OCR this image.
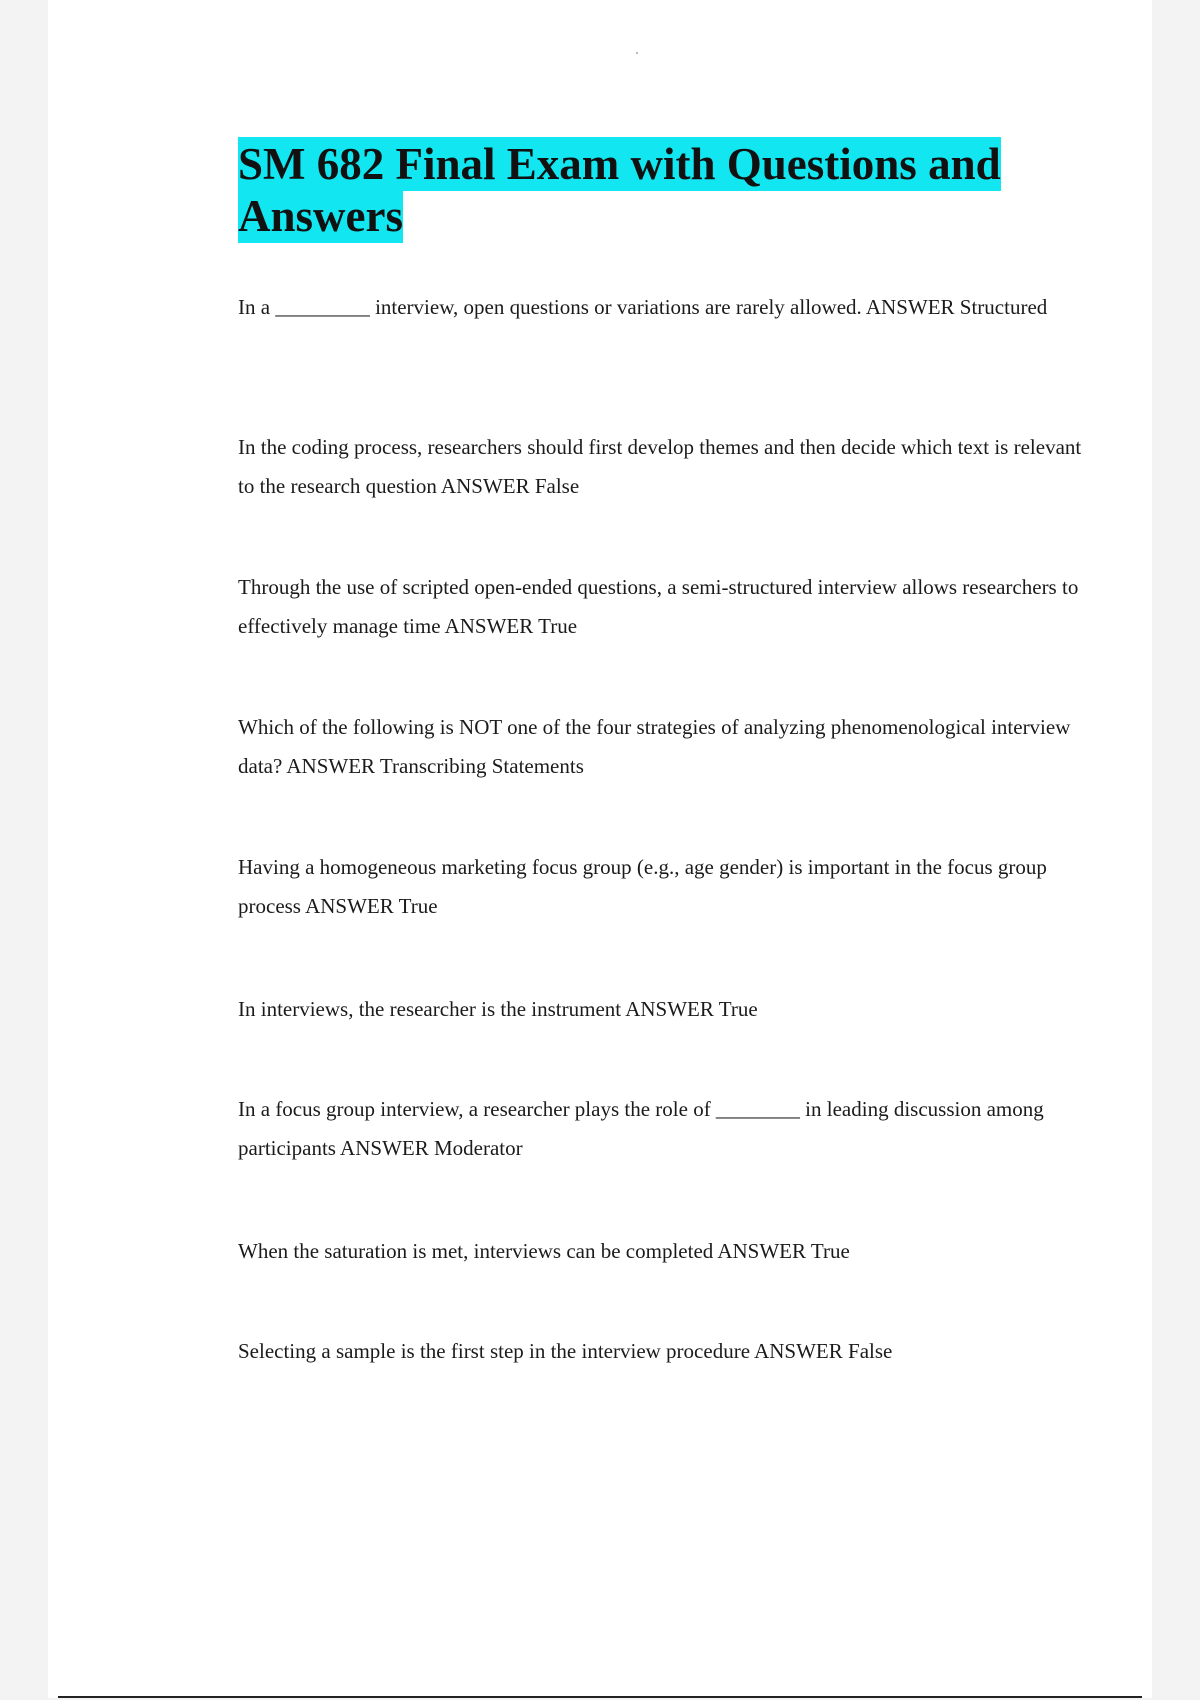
SM 682 Final Exam with Questions and Answers

In a _________ interview, open questions or variations are rarely allowed. ANSWER Structured

In the coding process, researchers should first develop themes and then decide which text is relevant to the research question ANSWER False

Through the use of scripted open-ended questions, a semi-structured interview allows researchers to effectively manage time ANSWER True

Which of the following is NOT one of the four strategies of analyzing phenomenological interview data? ANSWER Transcribing Statements

Having a homogeneous marketing focus group (e.g., age gender) is important in the focus group process ANSWER True

In interviews, the researcher is the instrument ANSWER True

In a focus group interview, a researcher plays the role of ________ in leading discussion among participants ANSWER Moderator

When the saturation is met, interviews can be completed ANSWER True

Selecting a sample is the first step in the interview procedure ANSWER False
